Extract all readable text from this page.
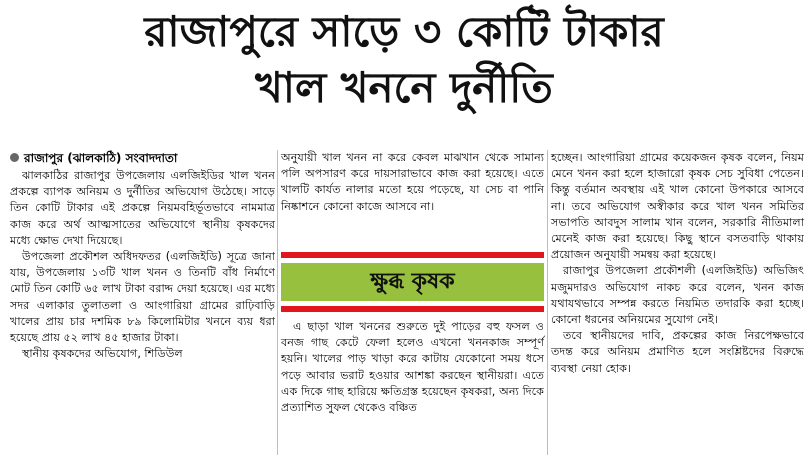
রাজাপুরে সাড়ে ৩ কোটি টাকার
খাল খননে দুর্নীতি
রাজাপুর (ঝালকাঠি) সংবাদদাতা

ঝালকাঠির রাজাপুর উপজেলায় এলজিইডির খাল খনন প্রকল্পে ব্যাপক অনিয়ম ও দুর্নীতির অভিযোগ উঠেছে। সাড়ে তিন কোটি টাকার এই প্রকল্পে নিয়মবহির্ভূতভাবে নামমাত্র কাজ করে অর্থ আত্মসাতের অভিযোগে স্থানীয় কৃষকদের মধ্যে ক্ষোভ দেখা দিয়েছে।

উপজেলা প্রকৌশল অধিদফতর (এলজিইডি) সূত্রে জানা যায়, উপজেলায় ১৩টি খাল খনন ও তিনটি বাঁধ নির্মাণে মোট তিন কোটি ৬৫ লাখ টাকা বরাদ্দ দেয়া হয়েছে। এর মধ্যে সদর এলাকার তুলাতলা ও আংগারিয়া গ্রামের রাঢ়িবাড়ি খালের প্রায় চার দশমিক ৮৯ কিলোমিটার খননে ব্যয় ধরা হয়েছে প্রায় ৫২ লাখ ৪৫ হাজার টাকা।

স্থানীয় কৃষকদের অভিযোগ, শিডিউল

অনুযায়ী খাল খনন না করে কেবল মাঝখান থেকে সামান্য পলি অপসারণ করে দায়সারাভাবে কাজ করা হয়েছে। এতে খালটি কার্যত নালার মতো হয়ে পড়েছে, যা সেচ বা পানি নিষ্কাশনে কোনো কাজে আসবে না।

ক্ষুব্ধ কৃষক

এ ছাড়া খাল খননের শুরুতে দুই পাড়ের বহু ফসল ও বনজ গাছ কেটে ফেলা হলেও এখনো খননকাজ সম্পূর্ণ হয়নি। খালের পাড় খাড়া করে কাটায় যেকোনো সময় ধসে পড়ে আবার ভরাট হওয়ার আশঙ্কা করছেন স্থানীয়রা। এতে এক দিকে গাছ হারিয়ে ক্ষতিগ্রস্ত হয়েছেন কৃষকরা, অন্য দিকে প্রত্যাশিত সুফল থেকেও বঞ্চিত

হচ্ছেন। আংগারিয়া গ্রামের কয়েকজন কৃষক বলেন, নিয়ম মেনে খনন করা হলে হাজারো কৃষক সেচ সুবিধা পেতেন। কিন্তু বর্তমান অবস্থায় এই খাল কোনো উপকারে আসবে না। তবে অভিযোগ অস্বীকার করে খাল খনন সমিতির সভাপতি আবদুস সালাম খান বলেন, সরকারি নীতিমালা মেনেই কাজ করা হয়েছে। কিছু স্থানে বসতবাড়ি থাকায় প্রয়োজন অনুযায়ী সমন্বয় করা হয়েছে।

রাজাপুর উপজেলা প্রকৌশলী (এলজিইডি) অভিজিৎ মজুমদারও অভিযোগ নাকচ করে বলেন, খনন কাজ যথাযথভাবে সম্পন্ন করতে নিয়মিত তদারকি করা হচ্ছে। কোনো ধরনের অনিয়মের সুযোগ নেই।

তবে স্থানীয়দের দাবি, প্রকল্পের কাজ নিরপেক্ষভাবে তদন্ত করে অনিয়ম প্রমাণিত হলে সংশ্লিষ্টদের বিরুদ্ধে ব্যবস্থা নেয়া হোক।
